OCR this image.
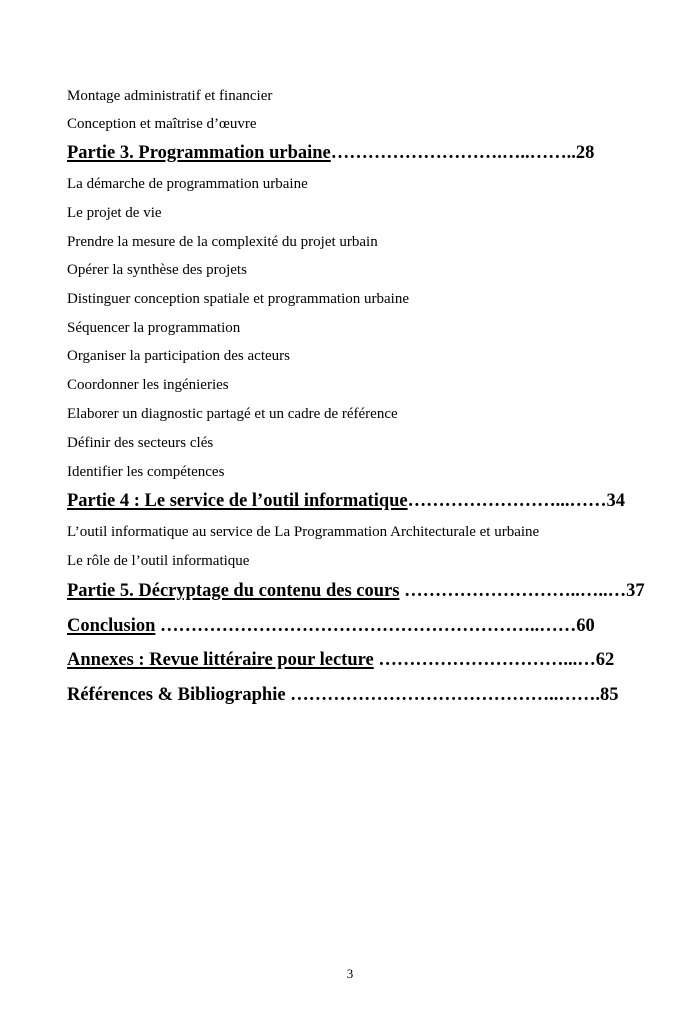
Montage administratif et financier
Conception et maîtrise d’œuvre
Partie 3. Programmation urbaine……………………….…..……..28
La démarche de programmation urbaine
Le projet de vie
Prendre la mesure de la complexité du projet urbain
Opérer la synthèse des projets
Distinguer conception spatiale et programmation urbaine
Séquencer la programmation
Organiser la participation des acteurs
Coordonner les ingénieries
Elaborer un diagnostic partagé et un cadre de référence
Définir des secteurs clés
Identifier les compétences
Partie 4 : Le service de l’outil informatique……………………...……34
L’outil informatique au service de La Programmation Architecturale et urbaine
Le rôle de l’outil informatique
Partie 5. Décryptage du contenu des cours ………………………..…..…37
Conclusion ……………………………………………………..……60
Annexes : Revue littéraire pour lecture …………………………...…62
Références & Bibliographie ……………………………………..…….85
3
